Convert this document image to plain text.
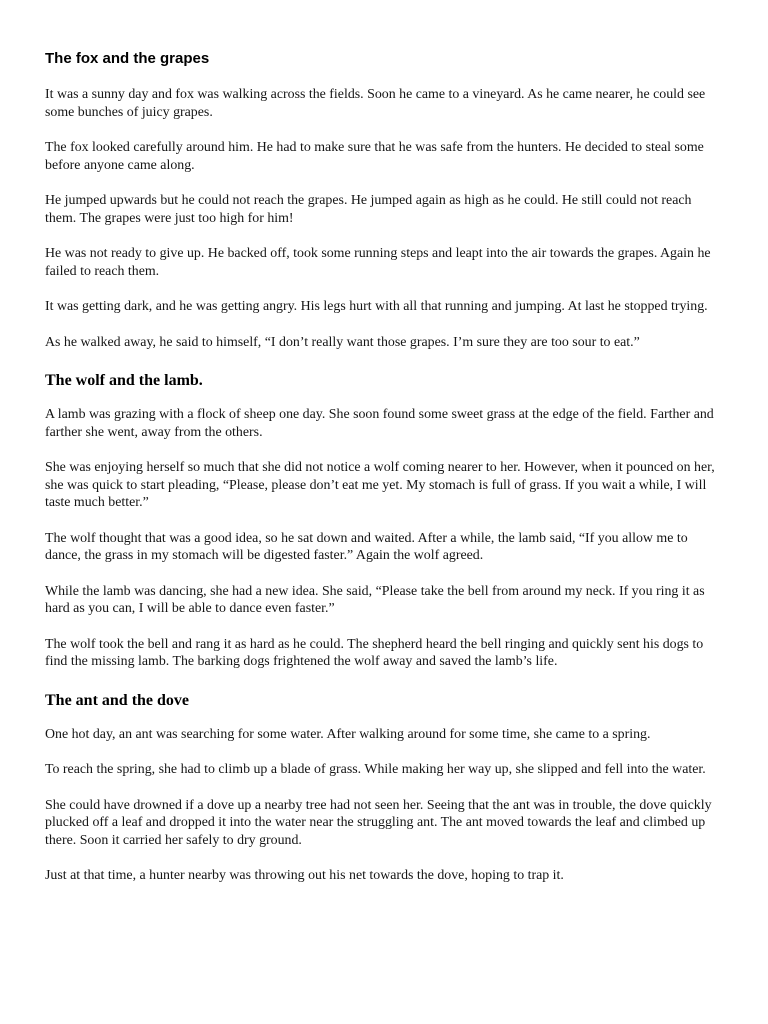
The fox and the grapes

It was a sunny day and fox was walking across the fields. Soon he came to a vineyard. As he came nearer, he could see some bunches of juicy grapes.

The fox looked carefully around him. He had to make sure that he was safe from the hunters. He decided to steal some before anyone came along.

He jumped upwards but he could not reach the grapes. He jumped again as high as he could. He still could not reach them. The grapes were just too high for him!

He was not ready to give up. He backed off, took some running steps and leapt into the air towards the grapes. Again he failed to reach them.

It was getting dark, and he was getting angry. His legs hurt with all that running and jumping. At last he stopped trying.

As he walked away, he said to himself, “I don’t really want those grapes. I’m sure they are too sour to eat.”

The wolf and the lamb.

A lamb was grazing with a flock of sheep one day. She soon found some sweet grass at the edge of the field. Farther and farther she went, away from the others.

She was enjoying herself so much that she did not notice a wolf coming nearer to her. However, when it pounced on her, she was quick to start pleading, “Please, please don’t eat me yet. My stomach is full of grass. If you wait a while, I will taste much better.”

The wolf thought that was a good idea, so he sat down and waited. After a while, the lamb said, “If you allow me to dance, the grass in my stomach will be digested faster.” Again the wolf agreed.

While the lamb was dancing, she had a new idea. She said, “Please take the bell from around my neck. If you ring it as hard as you can, I will be able to dance even faster.”

The wolf took the bell and rang it as hard as he could. The shepherd heard the bell ringing and quickly sent his dogs to find the missing lamb. The barking dogs frightened the wolf away and saved the lamb’s life.

The ant and the dove

One hot day, an ant was searching for some water. After walking around for some time, she came to a spring.

To reach the spring, she had to climb up a blade of grass. While making her way up, she slipped and fell into the water.

She could have drowned if a dove up a nearby tree had not seen her. Seeing that the ant was in trouble, the dove quickly plucked off a leaf and dropped it into the water near the struggling ant. The ant moved towards the leaf and climbed up there. Soon it carried her safely to dry ground.

Just at that time, a hunter nearby was throwing out his net towards the dove, hoping to trap it.
